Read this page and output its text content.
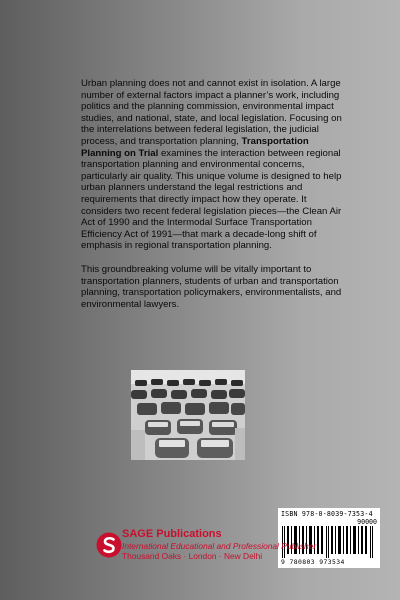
Urban planning does not and cannot exist in isolation. A large number of external factors impact a planner’s work, including politics and the planning commission, environmental impact studies, and national, state, and local legislation. Focusing on the interrelations between federal legislation, the judicial process, and transportation planning, Transportation Planning on Trial examines the interaction between regional transportation planning and environmental concerns, particularly air quality. This unique volume is designed to help urban planners understand the legal restrictions and requirements that directly impact how they operate. It considers two recent federal legislation pieces—the Clean Air Act of 1990 and the Intermodal Surface Transportation Efficiency Act of 1991—that mark a decade-long shift of emphasis in regional transportation planning.

This groundbreaking volume will be vitally important to transportation planners, students of urban and transportation planning, transportation policymakers, environmentalists, and environmental lawyers.

ISBN 978-0-8039-7353-4
90000
9 780803 973534
SAGE Publications
International Educational and Professional Publisher
Thousand Oaks · London · New Delhi
